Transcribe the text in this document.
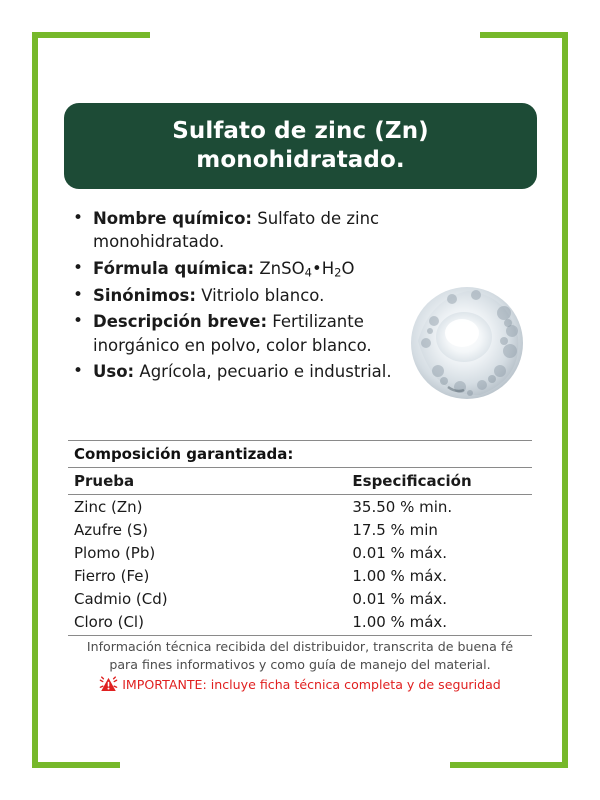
Sulfato de zinc (Zn) monohidratado.
• Nombre químico: Sulfato de zinc monohidratado.
• Fórmula química: $ZnSO_4•H_2O$
• Sinónimos: Vitriolo blanco.
• Descripción breve: Fertilizante inorgánico en polvo, color blanco.
• Uso: Agrícola, pecuario e industrial.
Composición garantizada:
Prueba	Especificación
Zinc (Zn)	35.50 % min.
Azufre (S)	17.5 % min
Plomo (Pb)	0.01 % máx.
Fierro (Fe)	1.00 % máx.
Cadmio (Cd)	0.01 % máx.
Cloro (Cl)	1.00 % máx.
Información técnica recibida del distribuidor, transcrita de buena fé
para fines informativos y como guía de manejo del material.
IMPORTANTE: incluye ficha técnica completa y de seguridad
